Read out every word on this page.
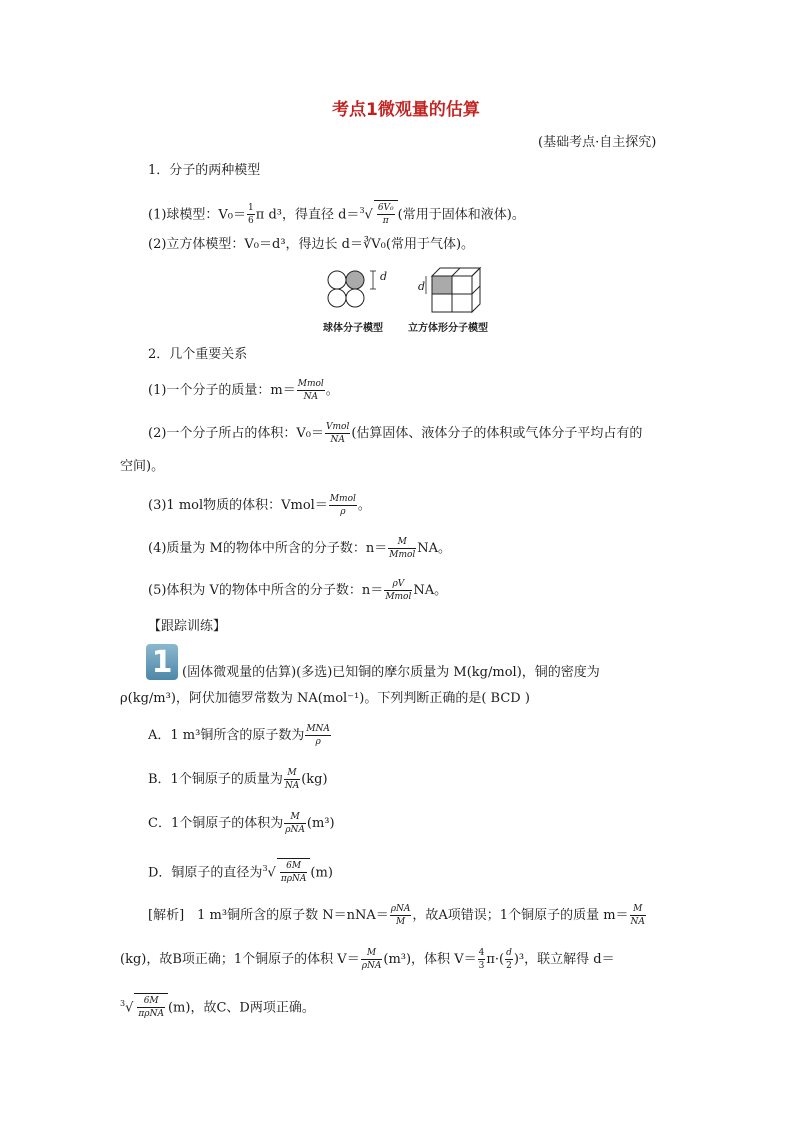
考点1微观量的估算
(基础考点·自主探究)
1．分子的两种模型
(1)球模型：$V_0= \frac{1}{6}$ π d³，得直径 $d=^3√ \frac{\text{6V₀}}{\pi}$ (常用于固体和液体)。
(2)立方体模型：V₀＝d³，得边长 d＝∛V₀(常用于气体)。
d
d
球体分子模型	立方体形分子模型
2．几个重要关系
(1)一个分子的质量：$m= \frac{\text{Mmol}}{NA}$ 。
(2)一个分子所占的体积：$V_0= \frac{\text{Vmol}}{NA}$ (估算固体、液体分子的体积或气体分子平均占有的
空间)。
(3)1 mol物质的体积：Vmol＝ $\frac{\text{Mmol}}{\rho}$ 。
(4)质量为 M的物体中所含的分子数：$n= \frac{M}{\text{Mmol}}$ NA。
(5)体积为 V的物体中所含的分子数：$n= \frac{\rho V}{\text{Mmol}}$ NA。
【跟踪训练】
1 (固体微观量的估算)(多选)已知铜的摩尔质量为 M(kg/mol)，铜的密度为
ρ(kg/m³)，阿伏加德罗常数为 NA(mol⁻¹)。下列判断正确的是( BCD )
A．1 m³铜所含的原子数为 $\frac{\text{MNA}}{\rho}$
B．1个铜原子的质量为 $\frac{M}{NA} (kg)$
C．1个铜原子的体积为 $\frac{M}{\text{ρNA}} (m^3)$
D．铜原子的直径为$^3√ \frac{6M}{\text{πρNA}} (m)$
[解析]　1 m³铜所含的原子数 $N=nNA= \frac{\text{ρNA}}{M}$ ，故A项错误；1个铜原子的质量 $m= \frac{M}{NA}$
(kg)，故B项正确；1个铜原子的体积 $V= \frac{M}{\text{ρNA}} (m^3)$，体积 $V= \frac{4}{3} \pi\cdot( \frac{d}{2} )^3$，联立解得 d＝
$^3√ \frac{6M}{\text{πρNA}} (m)$，故C、D两项正确。
